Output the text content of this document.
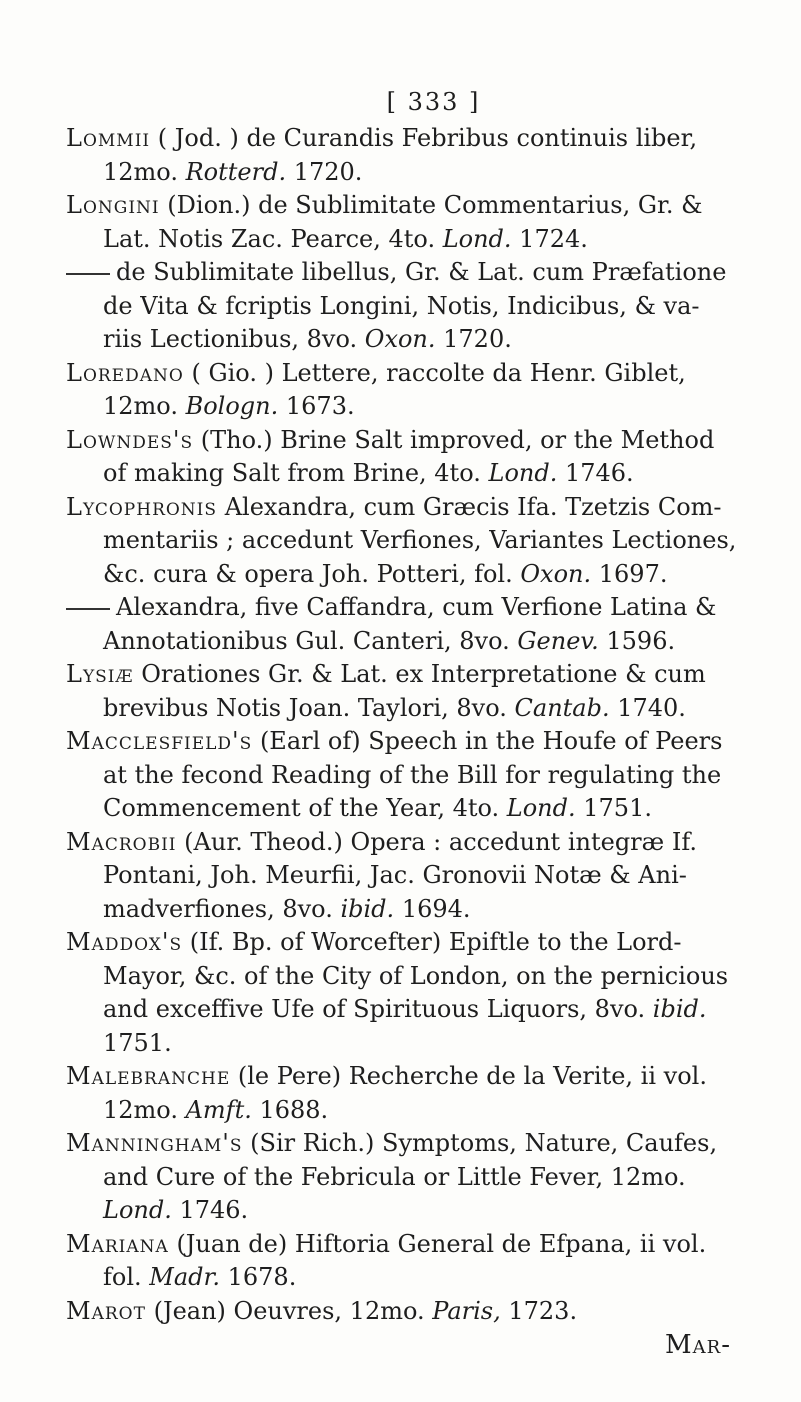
[ 333 ]

Lommii ( Jod. ) de Curandis Febribus continuis liber,
12mo. Rotterd. 1720.

Longini (Dion.) de Sublimitate Commentarius, Gr. &
Lat. Notis Zac. Pearce, 4to. Lond. 1724.

de Sublimitate libellus, Gr. & Lat. cum Præfatione
de Vita & fcriptis Longini, Notis, Indicibus, & va-
riis Lectionibus, 8vo. Oxon. 1720.

Loredano ( Gio. ) Lettere, raccolte da Henr. Giblet,
12mo. Bologn. 1673.

Lowndes's (Tho.) Brine Salt improved, or the Method
of making Salt from Brine, 4to. Lond. 1746.

Lycophronis Alexandra, cum Græcis Ifa. Tzetzis Com-
mentariis ; accedunt Verfiones, Variantes Lectiones,
&c. cura & opera Joh. Potteri, fol. Oxon. 1697.

Alexandra, five Caffandra, cum Verfione Latina &
Annotationibus Gul. Canteri, 8vo. Genev. 1596.

Lysiæ Orationes Gr. & Lat. ex Interpretatione & cum
brevibus Notis Joan. Taylori, 8vo. Cantab. 1740.

Macclesfield's (Earl of) Speech in the Houfe of Peers
at the fecond Reading of the Bill for regulating the
Commencement of the Year, 4to. Lond. 1751.

Macrobii (Aur. Theod.) Opera : accedunt integræ If.
Pontani, Joh. Meurfii, Jac. Gronovii Notæ & Ani-
madverfiones, 8vo. ibid. 1694.

Maddox's (If. Bp. of Worcefter) Epiftle to the Lord-
Mayor, &c. of the City of London, on the pernicious
and exceffive Ufe of Spirituous Liquors, 8vo. ibid.
1751.

Malebranche (le Pere) Recherche de la Verite, ii vol.
12mo. Amft. 1688.

Manningham's (Sir Rich.) Symptoms, Nature, Caufes,
and Cure of the Febricula or Little Fever, 12mo.
Lond. 1746.

Mariana (Juan de) Hiftoria General de Efpana, ii vol.
fol. Madr. 1678.

Marot (Jean) Oeuvres, 12mo. Paris, 1723.

Mar-
